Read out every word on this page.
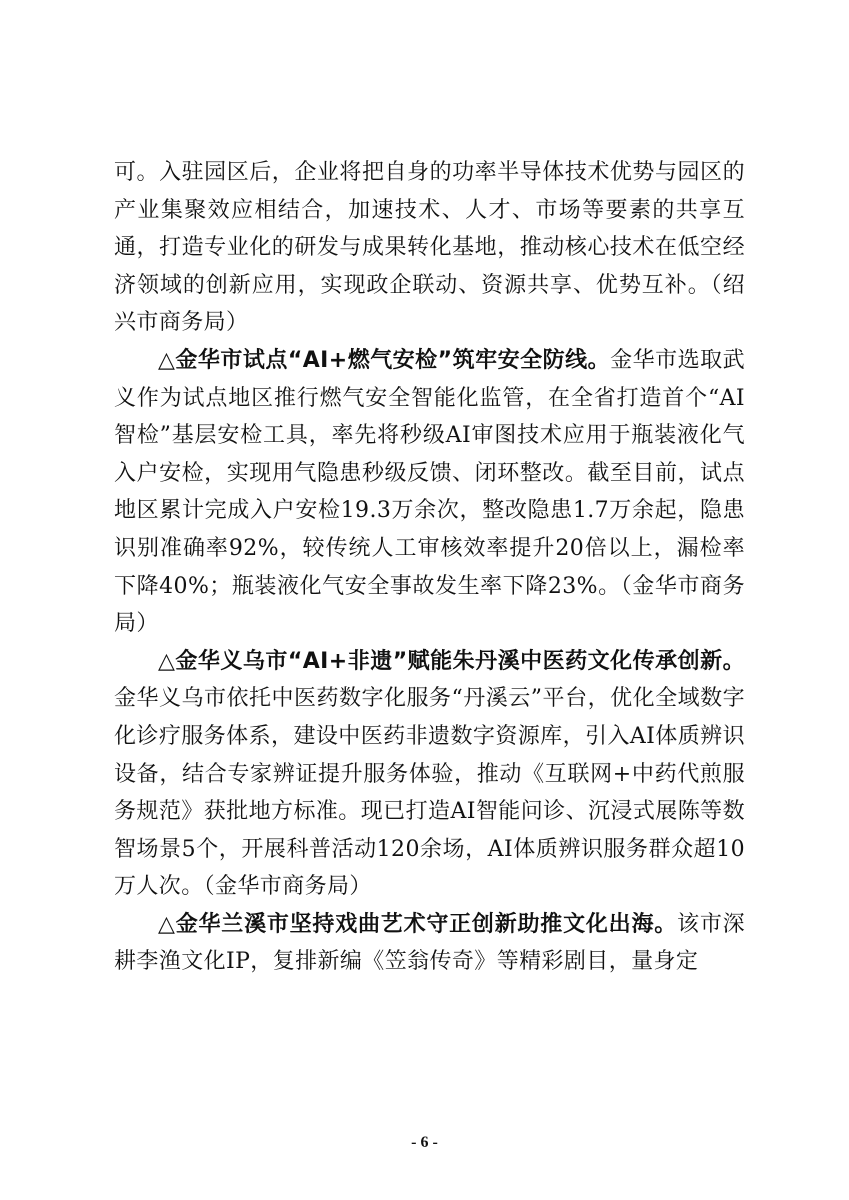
可。入驻园区后，企业将把自身的功率半导体技术优势与园区的产业集聚效应相结合，加速技术、人才、市场等要素的共享互通，打造专业化的研发与成果转化基地，推动核心技术在低空经济领域的创新应用，实现政企联动、资源共享、优势互补。（绍兴市商务局）

△金华市试点“AI+燃气安检”筑牢安全防线。金华市选取武义作为试点地区推行燃气安全智能化监管，在全省打造首个“AI智检”基层安检工具，率先将秒级AI审图技术应用于瓶装液化气入户安检，实现用气隐患秒级反馈、闭环整改。截至目前，试点地区累计完成入户安检19.3万余次，整改隐患1.7万余起，隐患识别准确率92%，较传统人工审核效率提升20倍以上，漏检率下降40%；瓶装液化气安全事故发生率下降23%。（金华市商务局）

△金华义乌市“AI+非遗”赋能朱丹溪中医药文化传承创新。金华义乌市依托中医药数字化服务“丹溪云”平台，优化全域数字化诊疗服务体系，建设中医药非遗数字资源库，引入AI体质辨识设备，结合专家辨证提升服务体验，推动《互联网+中药代煎服务规范》获批地方标准。现已打造AI智能问诊、沉浸式展陈等数智场景5个，开展科普活动120余场，AI体质辨识服务群众超10万人次。（金华市商务局）

△金华兰溪市坚持戏曲艺术守正创新助推文化出海。该市深耕李渔文化IP，复排新编《笠翁传奇》等精彩剧目，量身定

- 6 -
